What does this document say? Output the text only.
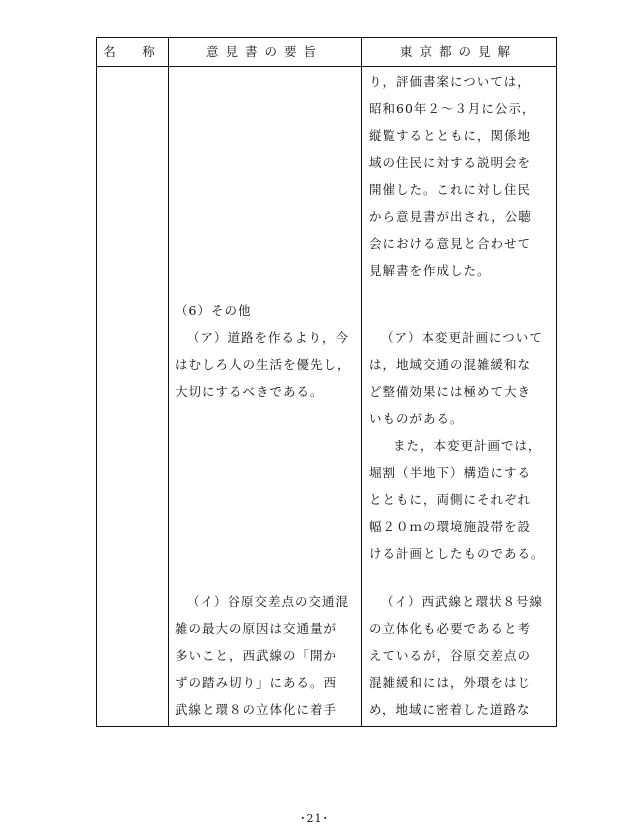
名　称	意見書の要旨	東京都の見解
（6）その他
（ア）道路を作るより，今
はむしろ人の生活を優先し，
大切にするべきである。
（イ）谷原交差点の交通混
雑の最大の原因は交通量が
多いこと，西武線の「開か
ずの踏み切り」にある。西
武線と環８の立体化に着手
り，評価書案については，
昭和60年２～３月に公示，
縦覧するとともに，関係地
域の住民に対する説明会を
開催した。これに対し住民
から意見書が出され，公聴
会における意見と合わせて
見解書を作成した。
（ア）本変更計画について
は，地域交通の混雑緩和な
ど整備効果には極めて大き
いものがある。
また，本変更計画では，
堀割（半地下）構造にする
とともに，両側にそれぞれ
幅２０ｍの環境施設帯を設
ける計画としたものである。
（イ）西武線と環状８号線
の立体化も必要であると考
えているが，谷原交差点の
混雑緩和には，外環をはじ
め，地域に密着した道路な
･21･
